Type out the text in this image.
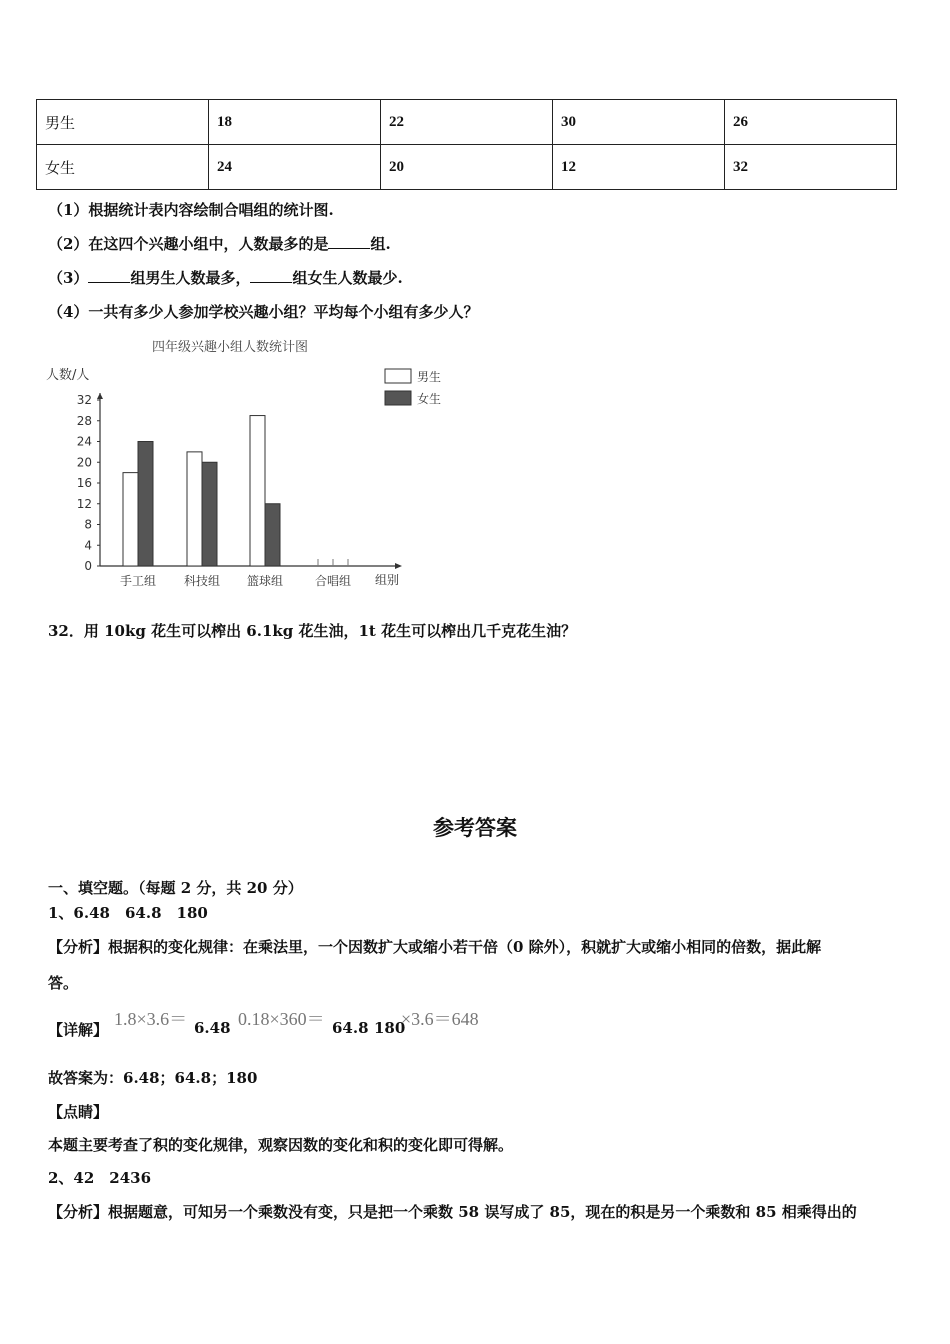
男生	18	22	30	26
女生	24	20	12	32
（1）根据统计表内容绘制合唱组的统计图.
（2）在这四个兴趣小组中，人数最多的是	组.
（3）	组男生人数最多，	组女生人数最少.
（4）一共有多少人参加学校兴趣小组？平均每个小组有多少人？
四年级兴趣小组人数统计图
人数/人	男生
女生
组别
0
4
8
12
16
20
24
28
32
手工组 科技组 篮球组	合唱组
32．用 10kg 花生可以榨出 6.1kg 花生油，1t 花生可以榨出几千克花生油？
参考答案
一、填空题。（每题 2 分，共 20 分）
1、6.48　64.8　180
【分析】根据积的变化规律：在乘法里，一个因数扩大或缩小若干倍（0 除外），积就扩大或缩小相同的倍数，据此解
答。
【详解】
1.8×3.6＝ 6.48 0.18×360＝ 64.8 180
×3.6＝648
故答案为：6.48；64.8；180
【点睛】
本题主要考查了积的变化规律，观察因数的变化和积的变化即可得解。
2、42　2436
【分析】根据题意，可知另一个乘数没有变，只是把一个乘数 58 误写成了 85，现在的积是另一个乘数和 85 相乘得出的
